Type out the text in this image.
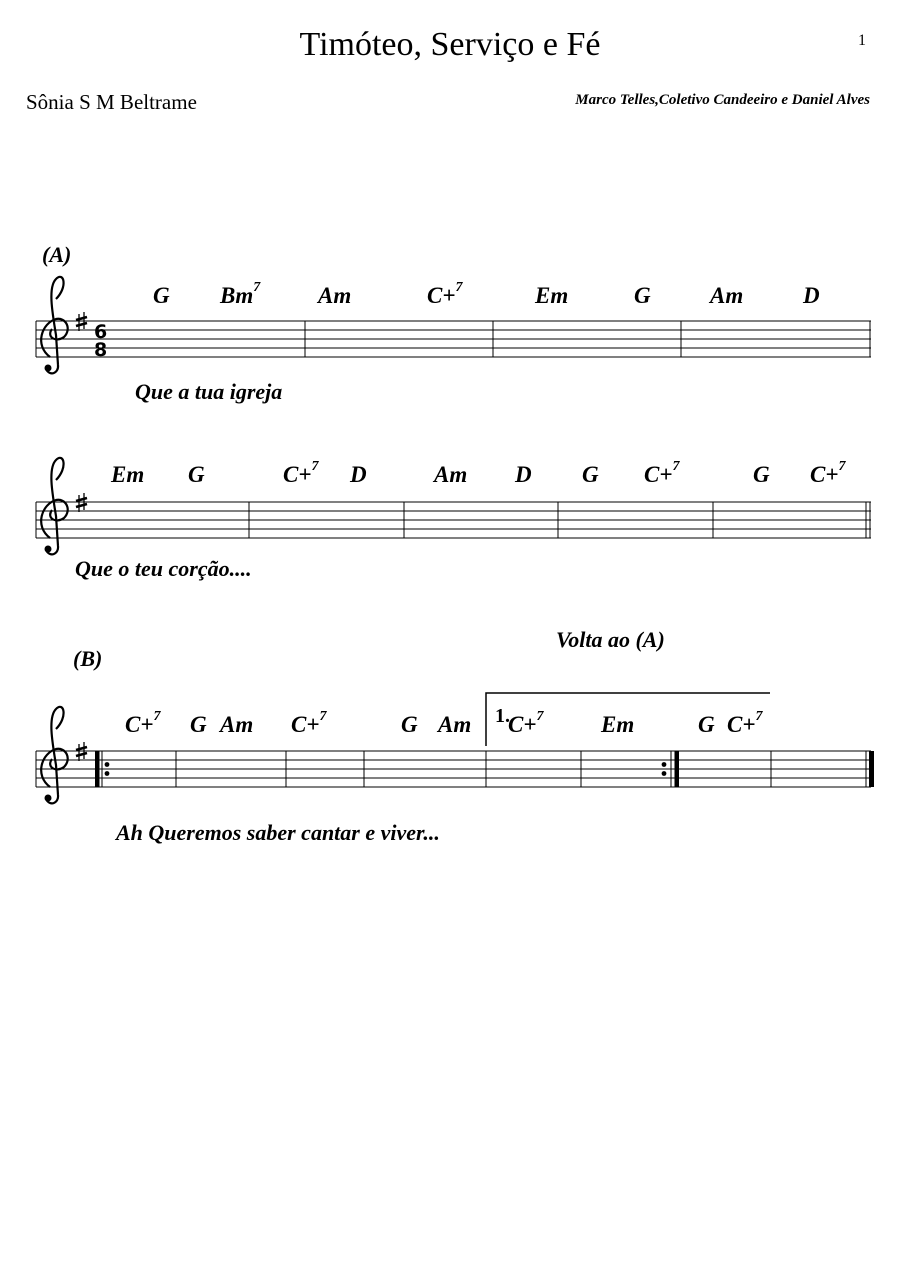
Timóteo, Serviço e Fé	1
Sônia S M Beltrame	Marco Telles,Coletivo Candeeiro e Daniel Alves
6
8
(A)
G Bm$^7$	Am	C+$^7$	Em	G	Am	D
Que a tua igreja
Em G	C+$^7$ D	Am D G C+$^7$	G C+$^7$
Que o teu corção....
Volta ao (A)
(B)
1.
C+$^7$ G Am C+$^7$	G Am C+$^7$	Em	G C+$^7$
Ah Queremos saber cantar e viver...
